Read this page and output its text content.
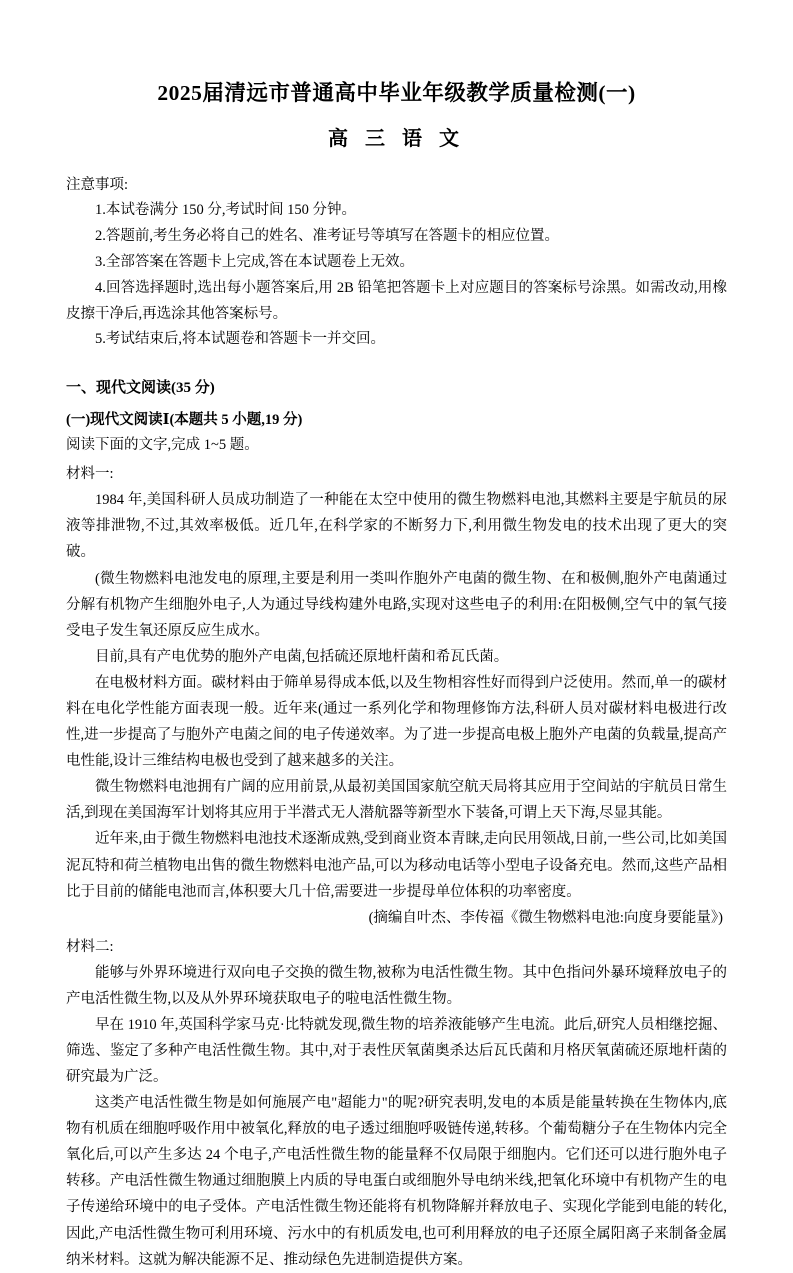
2025届清远市普通高中毕业年级教学质量检测(一)
高 三 语 文

注意事项:

1.本试卷满分 150 分,考试时间 150 分钟。

2.答题前,考生务必将自己的姓名、准考证号等填写在答题卡的相应位置。

3.全部答案在答题卡上完成,答在本试题卷上无效。

4.回答选择题时,选出每小题答案后,用 2B 铅笔把答题卡上对应题目的答案标号涂黑。如需改动,用橡皮擦干净后,再选涂其他答案标号。

5.考试结束后,将本试题卷和答题卡一并交回。

一、现代文阅读(35 分)
(一)现代文阅读Ⅰ(本题共 5 小题,19 分)

阅读下面的文字,完成 1~5 题。

材料一:

1984 年,美国科研人员成功制造了一种能在太空中使用的微生物燃料电池,其燃料主要是宇航员的尿液等排泄物,不过,其效率极低。近几年,在科学家的不断努力下,利用微生物发电的技术出现了更大的突破。

(微生物燃料电池发电的原理,主要是利用一类叫作胞外产电菌的微生物、在和极侧,胞外产电菌通过分解有机物产生细胞外电子,人为通过导线构建外电路,实现对这些电子的利用:在阳极侧,空气中的氧气接受电子发生氧还原反应生成水。

目前,具有产电优势的胞外产电菌,包括硫还原地杆菌和希瓦氏菌。

在电极材料方面。碳材料由于筛单易得成本低,以及生物相容性好而得到户泛使用。然而,单一的碳材料在电化学性能方面表现一般。近年来(通过一系列化学和物理修饰方法,科研人员对碳材料电极进行改性,进一步提高了与胞外产电菌之间的电子传递效率。为了进一步提高电极上胞外产电菌的负载量,提高产电性能,设计三维结构电极也受到了越来越多的关注。

微生物燃料电池拥有广阔的应用前景,从最初美国国家航空航天局将其应用于空间站的宇航员日常生活,到现在美国海军计划将其应用于半潜式无人潜航器等新型水下装备,可谓上天下海,尽显其能。

近年来,由于微生物燃料电池技术逐渐成熟,受到商业资本青睐,走向民用领战,日前,一些公司,比如美国泥瓦特和荷兰植物电出售的微生物燃料电池产品,可以为移动电话等小型电子设备充电。然而,这些产品相比于目前的储能电池而言,体积要大几十倍,需要进一步提母单位体积的功率密度。

(摘编自叶杰、李传福《微生物燃料电池:向度身要能量》)

材料二:

能够与外界环境进行双向电子交换的微生物,被称为电活性微生物。其中色指问外暴环境释放电子的产电活性微生物,以及从外界环境获取电子的啦电活性微生物。

早在 1910 年,英国科学家马克·比特就发现,微生物的培养液能够产生电流。此后,研究人员相继挖掘、筛选、鉴定了多种产电活性微生物。其中,对于表性厌氧菌奥杀达后瓦氏菌和月格厌氧菌硫还原地杆菌的研究最为广泛。

这类产电活性微生物是如何施展产电"超能力"的呢?研究表明,发电的本质是能量转换在生物体内,底物有机质在细胞呼吸作用中被氧化,释放的电子透过细胞呼吸链传递,转移。个葡萄糖分子在生物体内完全氧化后,可以产生多达 24 个电子,产电活性微生物的能量释不仅局限于细胞内。它们还可以进行胞外电子转移。产电活性微生物通过细胞膜上内质的导电蛋白或细胞外导电纳米线,把氧化环境中有机物产生的电子传递给环境中的电子受体。产电活性微生物还能将有机物降解并释放电子、实现化学能到电能的转化,因此,产电活性微生物可利用环境、污水中的有机质发电,也可利用释放的电子还原全属阳离子来制备金属纳米材料。这就为解决能源不足、推动绿色先进制造提供方案。
